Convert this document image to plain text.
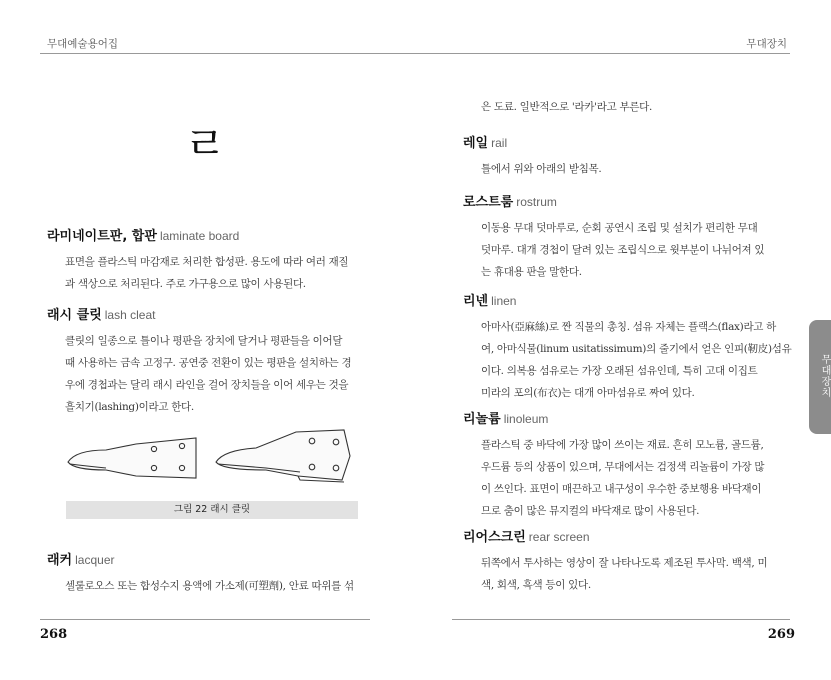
무대예술용어집	무대장치
ㄹ
라미네이트판, 합판 laminate board
표면을 플라스틱 마감재로 처리한 합성판. 용도에 따라 여러 재질
과 색상으로 처리된다. 주로 가구용으로 많이 사용된다.
래시 클릿 lash cleat
클릿의 일종으로 틀이나 평판을 장치에 달거나 평판들을 이어달
때 사용하는 금속 고정구. 공연중 전환이 있는 평판을 설치하는 경
우에 경첩과는 달리 래시 라인을 걸어 장치들을 이어 세우는 것을
흘치기(lashing)이라고 한다.
그림 22 래시 클릿
래커 lacquer
셀룰로오스 또는 합성수지 용액에 가소제(可塑劑), 안료 따위를 섞
은 도료. 일반적으로 '라카'라고 부른다.
레일 rail
틀에서 위와 아래의 받침목.
로스트룸 rostrum
이동용 무대 덧마루로, 순회 공연시 조립 및 설치가 편리한 무대
덧마루. 대개 경첩이 달려 있는 조립식으로 윗부분이 나뉘어져 있
는 휴대용 판을 말한다.
리넨 linen
아마사(亞麻絲)로 짠 직물의 총칭. 섬유 자체는 플랙스(flax)라고 하
여, 아마식물(linum usitatissimum)의 줄기에서 얻은 인피(靭皮)섬유
이다. 의복용 섬유로는 가장 오래된 섬유인데, 특히 고대 이집트
미라의 포의(布衣)는 대개 아마섬유로 짜여 있다.
리놀륨 linoleum
플라스틱 중 바닥에 가장 많이 쓰이는 재료. 흔히 모노륨, 골드륨,
우드륨 등의 상품이 있으며, 무대에서는 검정색 리놀륨이 가장 많
이 쓰인다. 표면이 매끈하고 내구성이 우수한 중보행용 바닥재이
므로 춤이 많은 뮤지컬의 바닥재로 많이 사용된다.
리어스크린 rear screen
뒤쪽에서 투사하는 영상이 잘 나타나도록 제조된 투사막. 백색, 미
색, 회색, 흑색 등이 있다.
무대장치
268	269
